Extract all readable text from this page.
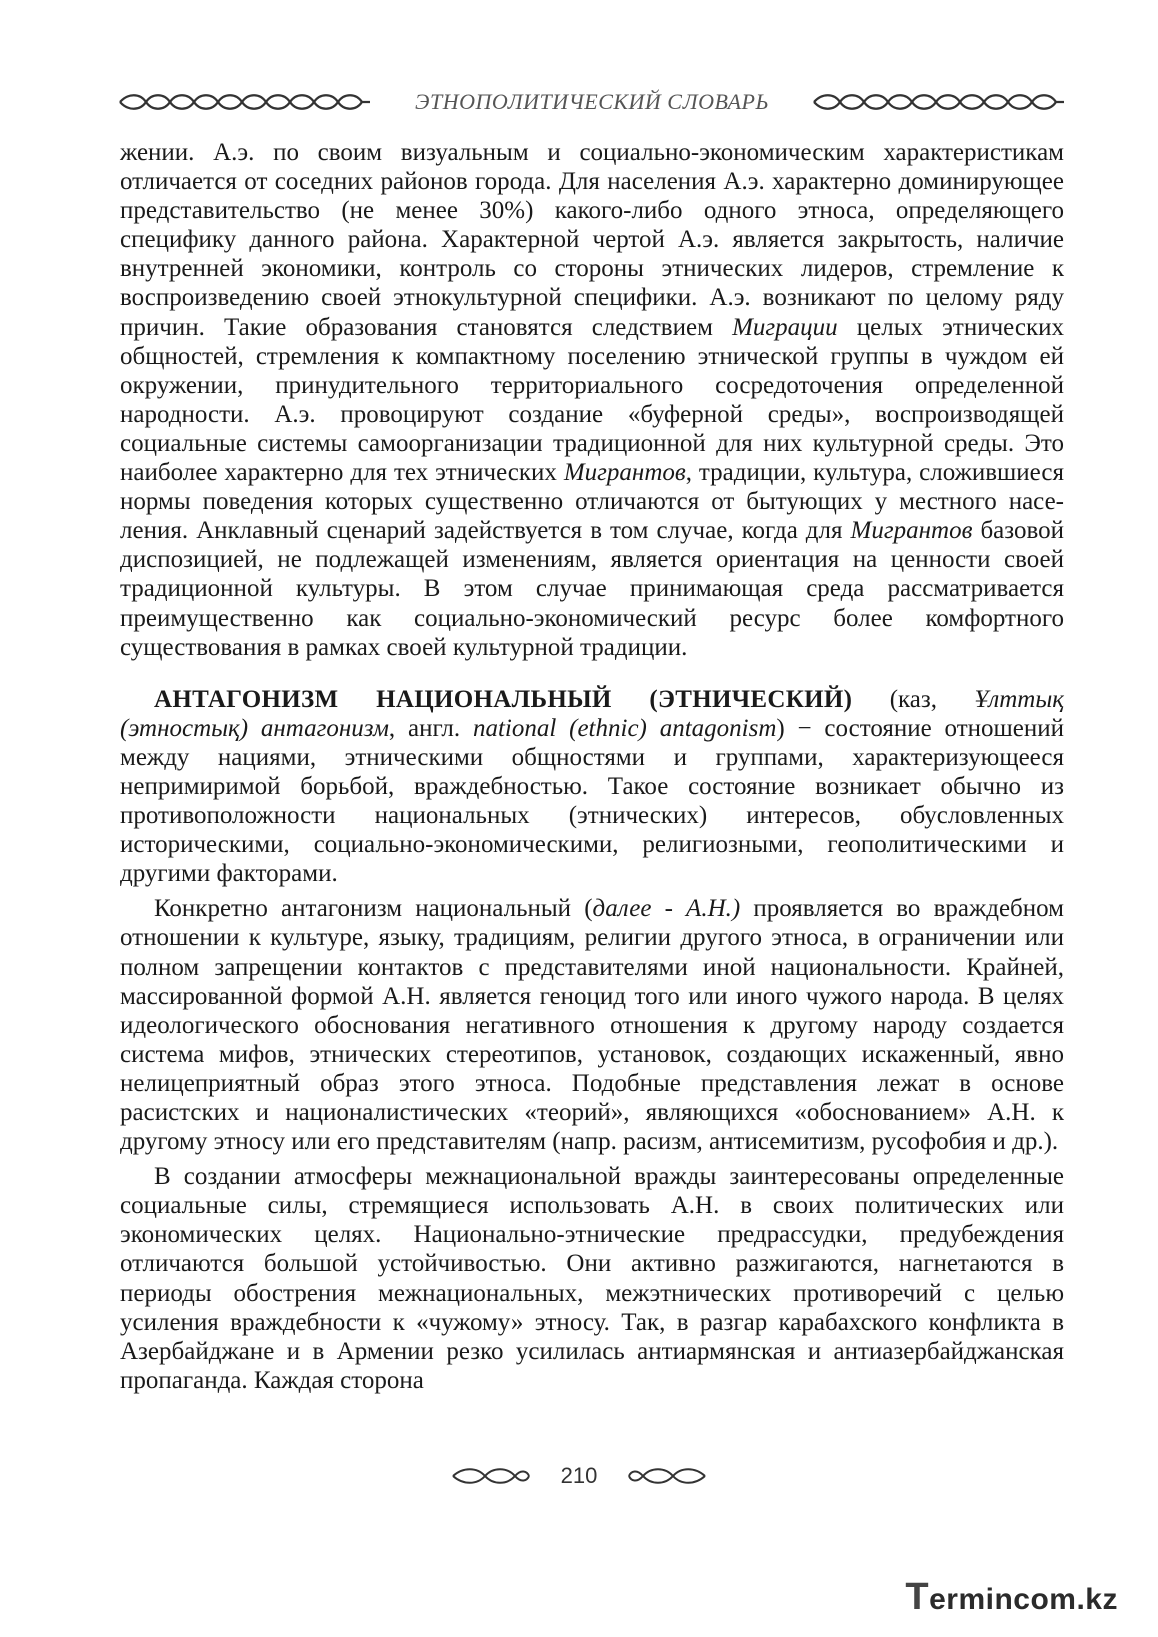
ЭТНОПОЛИТИЧЕСКИЙ СЛОВАРЬ

жении. А.э. по своим визуальным и социально-экономическим характеристикам отличается от соседних районов города. Для населения А.э. характерно доминирующее представительство (не менее 30%) какого-либо одного этноса, определяющего специфику данного района. Характерной чертой А.э. является закрытость, наличие внутренней экономики, контроль со стороны этнических лидеров, стремление к воспроизведению своей этнокультурной специфики. А.э. возникают по целому ряду причин. Такие образования становятся следствием Миграции целых этнических общностей, стремления к компактному поселению этнической группы в чуждом ей окружении, принудительного территориального сосредоточения определенной народности. А.э. провоцируют создание «буферной среды», воспроизводящей социальные системы самоорганизации традиционной для них культурной среды. Это наиболее характерно для тех этнических Мигрантов, традиции, культура, сложившиеся нормы поведения которых существенно отличаются от бытующих у местного населения. Анклавный сценарий задействуется в том случае, когда для Мигрантов базовой диспозицией, не подлежащей изменениям, является ориентация на ценности своей традиционной культуры. В этом случае принимающая среда рассматривается преимущественно как социально-экономический ресурс более комфортного существования в рамках своей культурной традиции.

АНТАГОНИЗМ НАЦИОНАЛЬНЫЙ (ЭТНИЧЕСКИЙ) (каз, Ұлттық (этностық) антагонизм, англ. national (ethnic) antagonism) − состояние отношений между нациями, этническими общностями и группами, характеризующееся непримиримой борьбой, враждебностью. Такое состояние возникает обычно из противоположности национальных (этнических) интересов, обусловленных историческими, социально-экономическими, религиозными, геополитическими и другими факторами.

Конкретно антагонизм национальный (далее - А.Н.) проявляется во враждебном отношении к культуре, языку, традициям, религии другого этноса, в ограничении или полном запрещении контактов с представителями иной национальности. Крайней, массированной формой А.Н. является геноцид того или иного чужого народа. В целях идеологического обоснования негативного отношения к другому народу создается система мифов, этнических стереотипов, установок, создающих искаженный, явно нелицеприятный образ этого этноса. Подобные представления лежат в основе расистских и националистических «теорий», являющихся «обоснованием» А.Н. к другому этносу или его представителям (напр. расизм, антисемитизм, русофобия и др.).

В создании атмосферы межнациональной вражды заинтересованы определенные социальные силы, стремящиеся использовать А.Н. в своих политических или экономических целях. Национально-этнические предрассудки, предубеждения отличаются большой устойчивостью. Они активно разжигаются, нагнетаются в периоды обострения межнациональных, межэтнических противоречий с целью усиления враждебности к «чужому» этносу. Так, в разгар карабахского конфликта в Азербайджане и в Армении резко усилилась антиармянская и антиазербайджанская пропаганда. Каждая сторона

210
T ermincо m.kz
